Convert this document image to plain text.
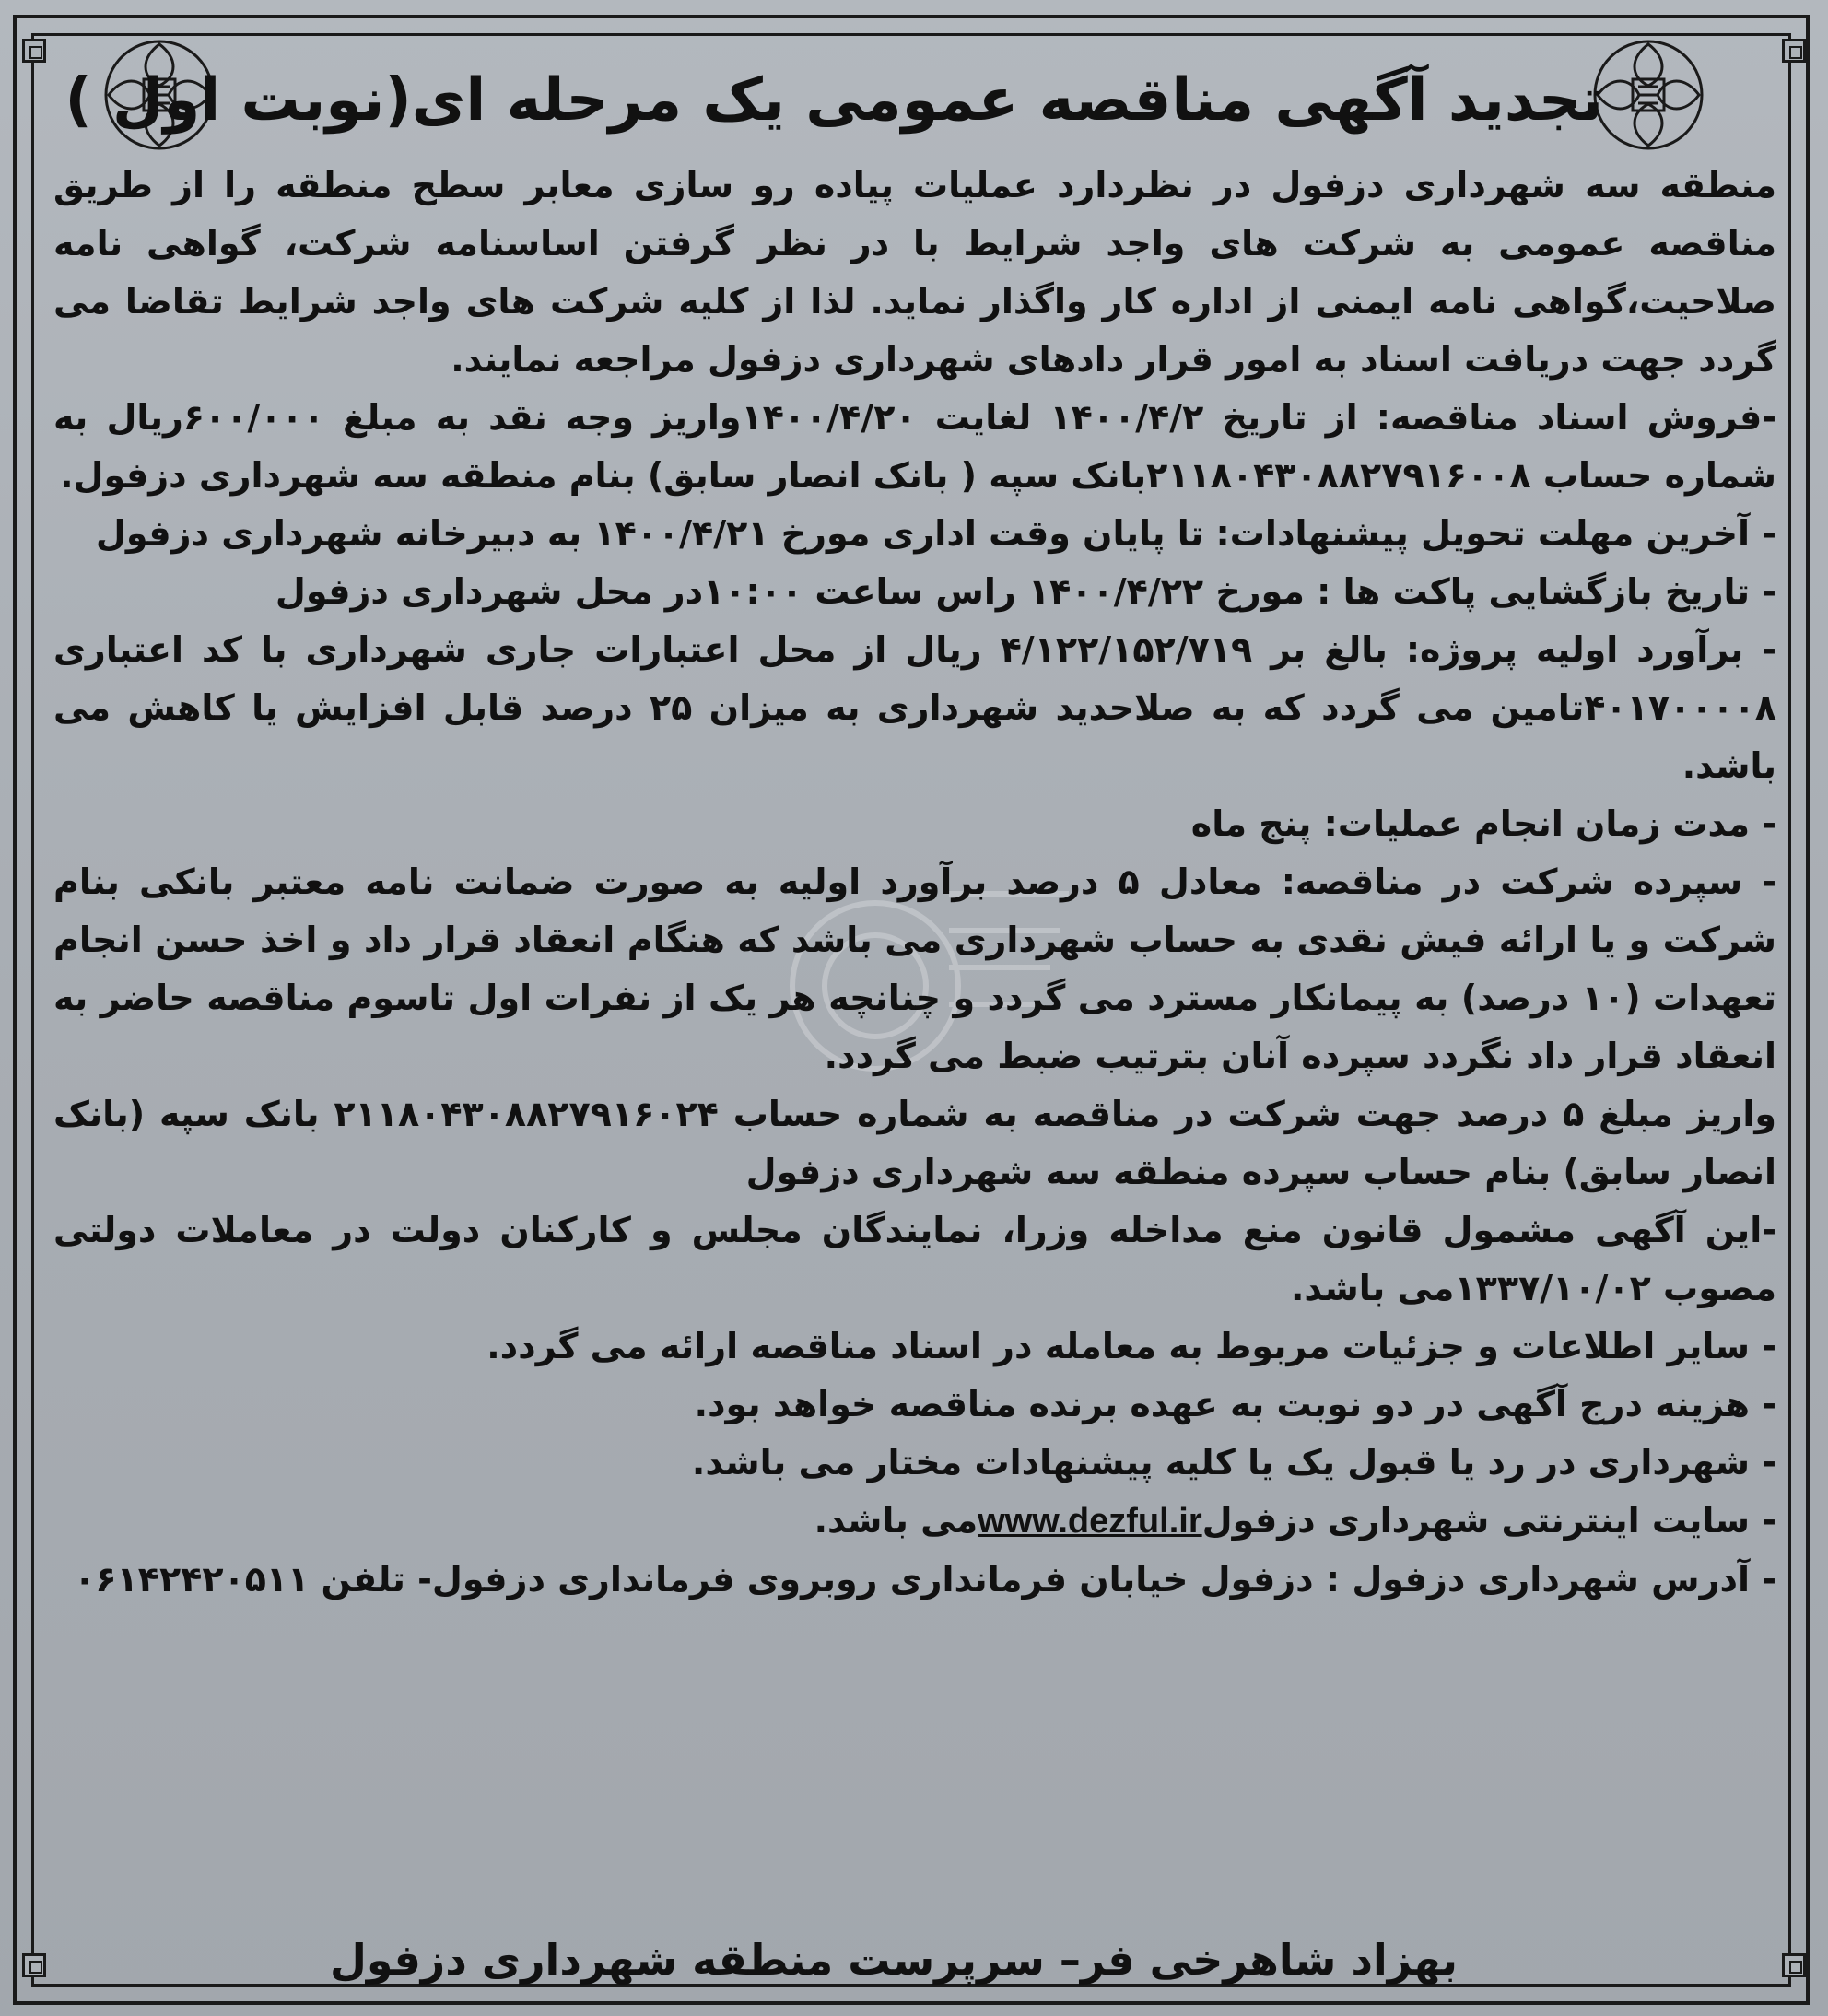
تجدید آگهی مناقصه عمومی یک مرحله ای(نوبت اول )

منطقه سه شهرداری دزفول در نظردارد عملیات پیاده رو سازی معابر سطح منطقه را از طریق مناقصه عمومی به شرکت های واجد شرایط با در نظر گرفتن اساسنامه شرکت، گواهی نامه صلاحیت،گواهی نامه ایمنی از اداره کار واگذار نماید. لذا از کلیه شرکت های واجد شرایط تقاضا می گردد جهت دریافت اسناد به امور قرار دادهای شهرداری دزفول مراجعه نمایند.

-فروش اسناد مناقصه: از تاریخ ۱۴۰۰/۴/۲ لغایت ۱۴۰۰/۴/۲۰واریز وجه نقد به مبلغ ۶۰۰/۰۰۰ریال به شماره حساب ۲۱۱۸۰۴۳۰۸۸۲۷۹۱۶۰۰۸بانک سپه ( بانک انصار سابق) بنام منطقه سه شهرداری دزفول.

- آخرین مهلت تحویل پیشنهادات: تا پایان وقت اداری مورخ ۱۴۰۰/۴/۲۱ به دبیرخانه شهرداری دزفول

- تاریخ بازگشایی پاکت ها : مورخ ۱۴۰۰/۴/۲۲ راس ساعت ۱۰:۰۰در محل شهرداری دزفول

- برآورد اولیه پروژه: بالغ بر ۴/۱۲۲/۱۵۲/۷۱۹ ریال از محل اعتبارات جاری شهرداری با کد اعتباری ۴۰۱۷۰۰۰۰۸تامین می گردد که به صلاحدید شهرداری به میزان ۲۵ درصد قابل افزایش یا کاهش می باشد.

- مدت زمان انجام عملیات: پنج ماه

- سپرده شرکت در مناقصه: معادل ۵ درصد برآورد اولیه به صورت ضمانت نامه معتبر بانکی بنام شرکت و یا ارائه فیش نقدی به حساب شهرداری می باشد که هنگام انعقاد قرار داد و اخذ حسن انجام تعهدات (۱۰ درصد) به پیمانکار مسترد می گردد و چنانچه هر یک از نفرات اول تاسوم مناقصه حاضر به انعقاد قرار داد نگردد سپرده آنان بترتیب ضبط می گردد.

واریز مبلغ ۵ درصد جهت شرکت در مناقصه به شماره حساب ۲۱۱۸۰۴۳۰۸۸۲۷۹۱۶۰۲۴ بانک سپه (بانک انصار سابق) بنام حساب سپرده منطقه سه شهرداری دزفول

-این آگهی مشمول قانون منع مداخله وزرا، نمایندگان مجلس و کارکنان دولت در معاملات دولتی مصوب ۱۳۳۷/۱۰/۰۲می باشد.

- سایر اطلاعات و جزئیات مربوط به معامله در اسناد مناقصه ارائه می گردد.

- هزینه درج آگهی در دو نوبت به عهده برنده مناقصه خواهد بود.

- شهرداری در رد یا قبول یک یا کلیه پیشنهادات مختار می باشد.

- سایت اینترنتی شهرداری دزفولwww.dezful.irمی باشد.

- آدرس شهرداری دزفول : دزفول خیابان فرمانداری روبروی فرمانداری دزفول- تلفن ۰۶۱۴۲۴۲۰۵۱۱

بهزاد شاهرخی فر– سرپرست منطقه شهرداری دزفول
